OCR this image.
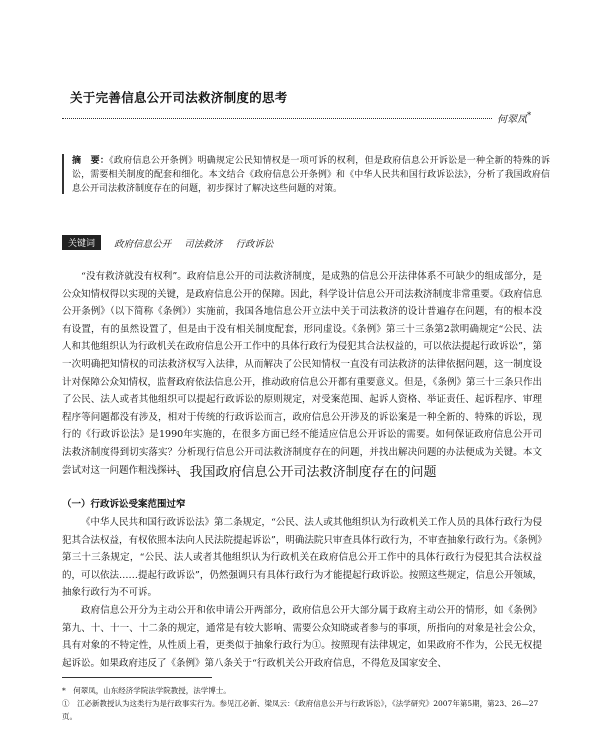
关于完善信息公开司法救济制度的思考
何翠凤*

摘　要：《政府信息公开条例》明确规定公民知情权是一项可诉的权利，但是政府信息公开诉讼是一种全新的特殊的诉讼，需要相关制度的配套和细化。本文结合《政府信息公开条例》和《中华人民共和国行政诉讼法》，分析了我国政府信息公开司法救济制度存在的问题，初步探讨了解决这些问题的对策。

关键词 政府信息公开 司法救济 行政诉讼

“没有救济就没有权利”。政府信息公开的司法救济制度，是成熟的信息公开法律体系不可缺少的组成部分，是公众知情权得以实现的关键，是政府信息公开的保障。因此，科学设计信息公开司法救济制度非常重要。《政府信息公开条例》（以下简称《条例》）实施前，我国各地信息公开立法中关于司法救济的设计普遍存在问题，有的根本没有设置，有的虽然设置了，但是由于没有相关制度配套，形同虚设。《条例》第三十三条第2款明确规定“公民、法人和其他组织认为行政机关在政府信息公开工作中的具体行政行为侵犯其合法权益的，可以依法提起行政诉讼”，第一次明确把知情权的司法救济权写入法律，从而解决了公民知情权一直没有司法救济的法律依据问题，这一制度设计对保障公众知情权，监督政府依法信息公开，推动政府信息公开都有重要意义。但是，《条例》第三十三条只作出了公民、法人或者其他组织可以提起行政诉讼的原则规定，对受案范围、起诉人资格、举证责任、起诉程序、审理程序等问题都没有涉及，相对于传统的行政诉讼而言，政府信息公开涉及的诉讼案是一种全新的、特殊的诉讼，现行的《行政诉讼法》是1990年实施的，在很多方面已经不能适应信息公开诉讼的需要。如何保证政府信息公开司法救济制度得到切实落实？分析现行信息公开司法救济制度存在的问题，并找出解决问题的办法便成为关键。本文尝试对这一问题作粗浅探讨。

一、我国政府信息公开司法救济制度存在的问题
（一）行政诉讼受案范围过窄

《中华人民共和国行政诉讼法》第二条规定，“公民、法人或其他组织认为行政机关工作人员的具体行政行为侵犯其合法权益，有权依照本法向人民法院提起诉讼”，明确法院只审查具体行政行为，不审查抽象行政行为。《条例》第三十三条规定，“公民、法人或者其他组织认为行政机关在政府信息公开工作中的具体行政行为侵犯其合法权益的，可以依法……提起行政诉讼”，仍然强调只有具体行政行为才能提起行政诉讼。按照这些规定，信息公开领域，抽象行政行为不可诉。

政府信息公开分为主动公开和依申请公开两部分，政府信息公开大部分属于政府主动公开的情形，如《条例》第九、十、十一、十二条的规定，通常是有较大影响、需要公众知晓或者参与的事项，所指向的对象是社会公众，具有对象的不特定性，从性质上看，更类似于抽象行政行为①。按照现有法律规定，如果政府不作为，公民无权提起诉讼。如果政府违反了《条例》第八条关于“行政机关公开政府信息，不得危及国家安全、

*　何翠凤，山东经济学院法学院教授，法学博士。
①　江必新教授认为这类行为是行政事实行为。参见江必新、梁凤云：《政府信息公开与行政诉讼》，《法学研究》2007年第5期，第23、26—27页。
